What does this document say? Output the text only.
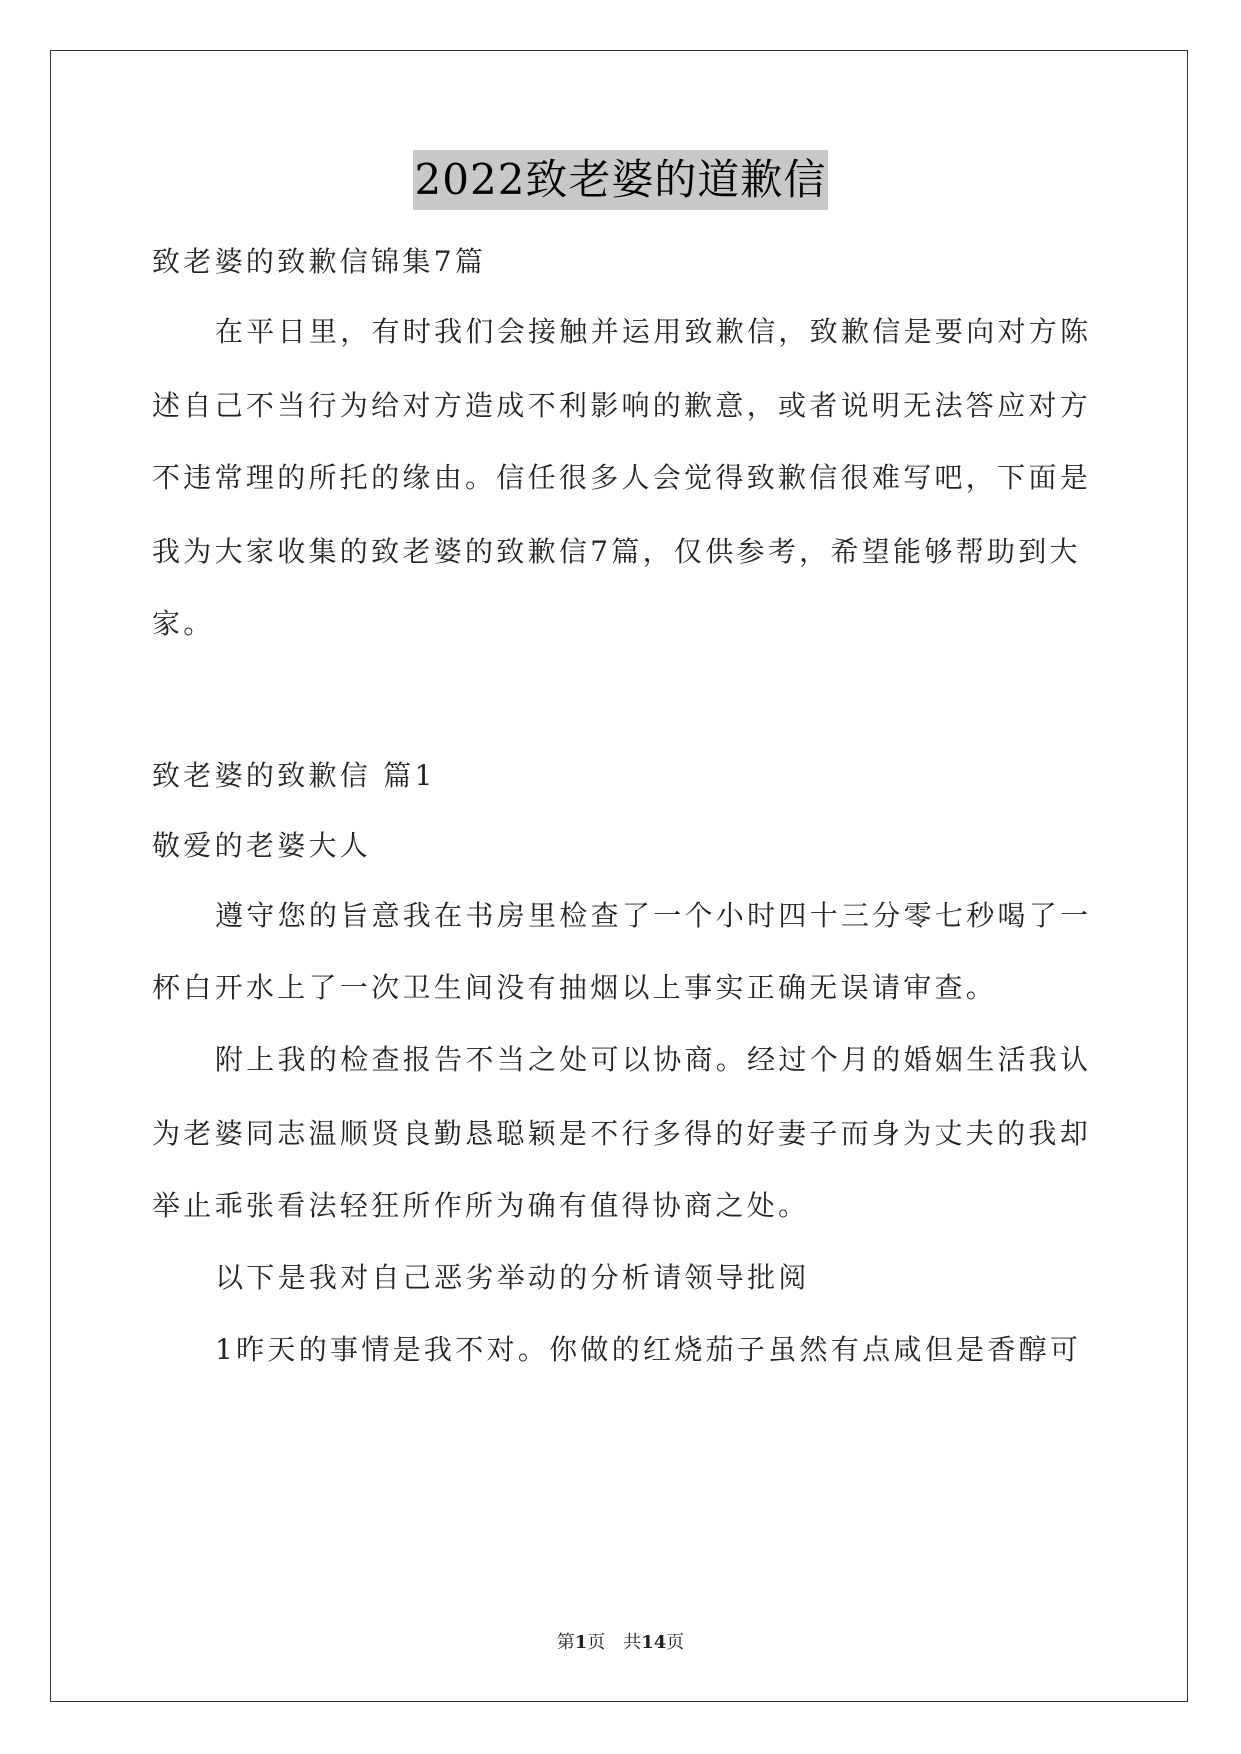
2022致老婆的道歉信
致老婆的致歉信锦集7篇
在平日里，有时我们会接触并运用致歉信，致歉信是要向对方陈
述自己不当行为给对方造成不利影响的歉意，或者说明无法答应对方
不违常理的所托的缘由。信任很多人会觉得致歉信很难写吧，下面是
我为大家收集的致老婆的致歉信7篇，仅供参考，希望能够帮助到大
家。
致老婆的致歉信 篇1
敬爱的老婆大人
遵守您的旨意我在书房里检查了一个小时四十三分零七秒喝了一
杯白开水上了一次卫生间没有抽烟以上事实正确无误请审查。
附上我的检查报告不当之处可以协商。经过个月的婚姻生活我认
为老婆同志温顺贤良勤恳聪颖是不行多得的好妻子而身为丈夫的我却
举止乖张看法轻狂所作所为确有值得协商之处。
以下是我对自己恶劣举动的分析请领导批阅
1昨天的事情是我不对。你做的红烧茄子虽然有点咸但是香醇可
第1页　共14页
